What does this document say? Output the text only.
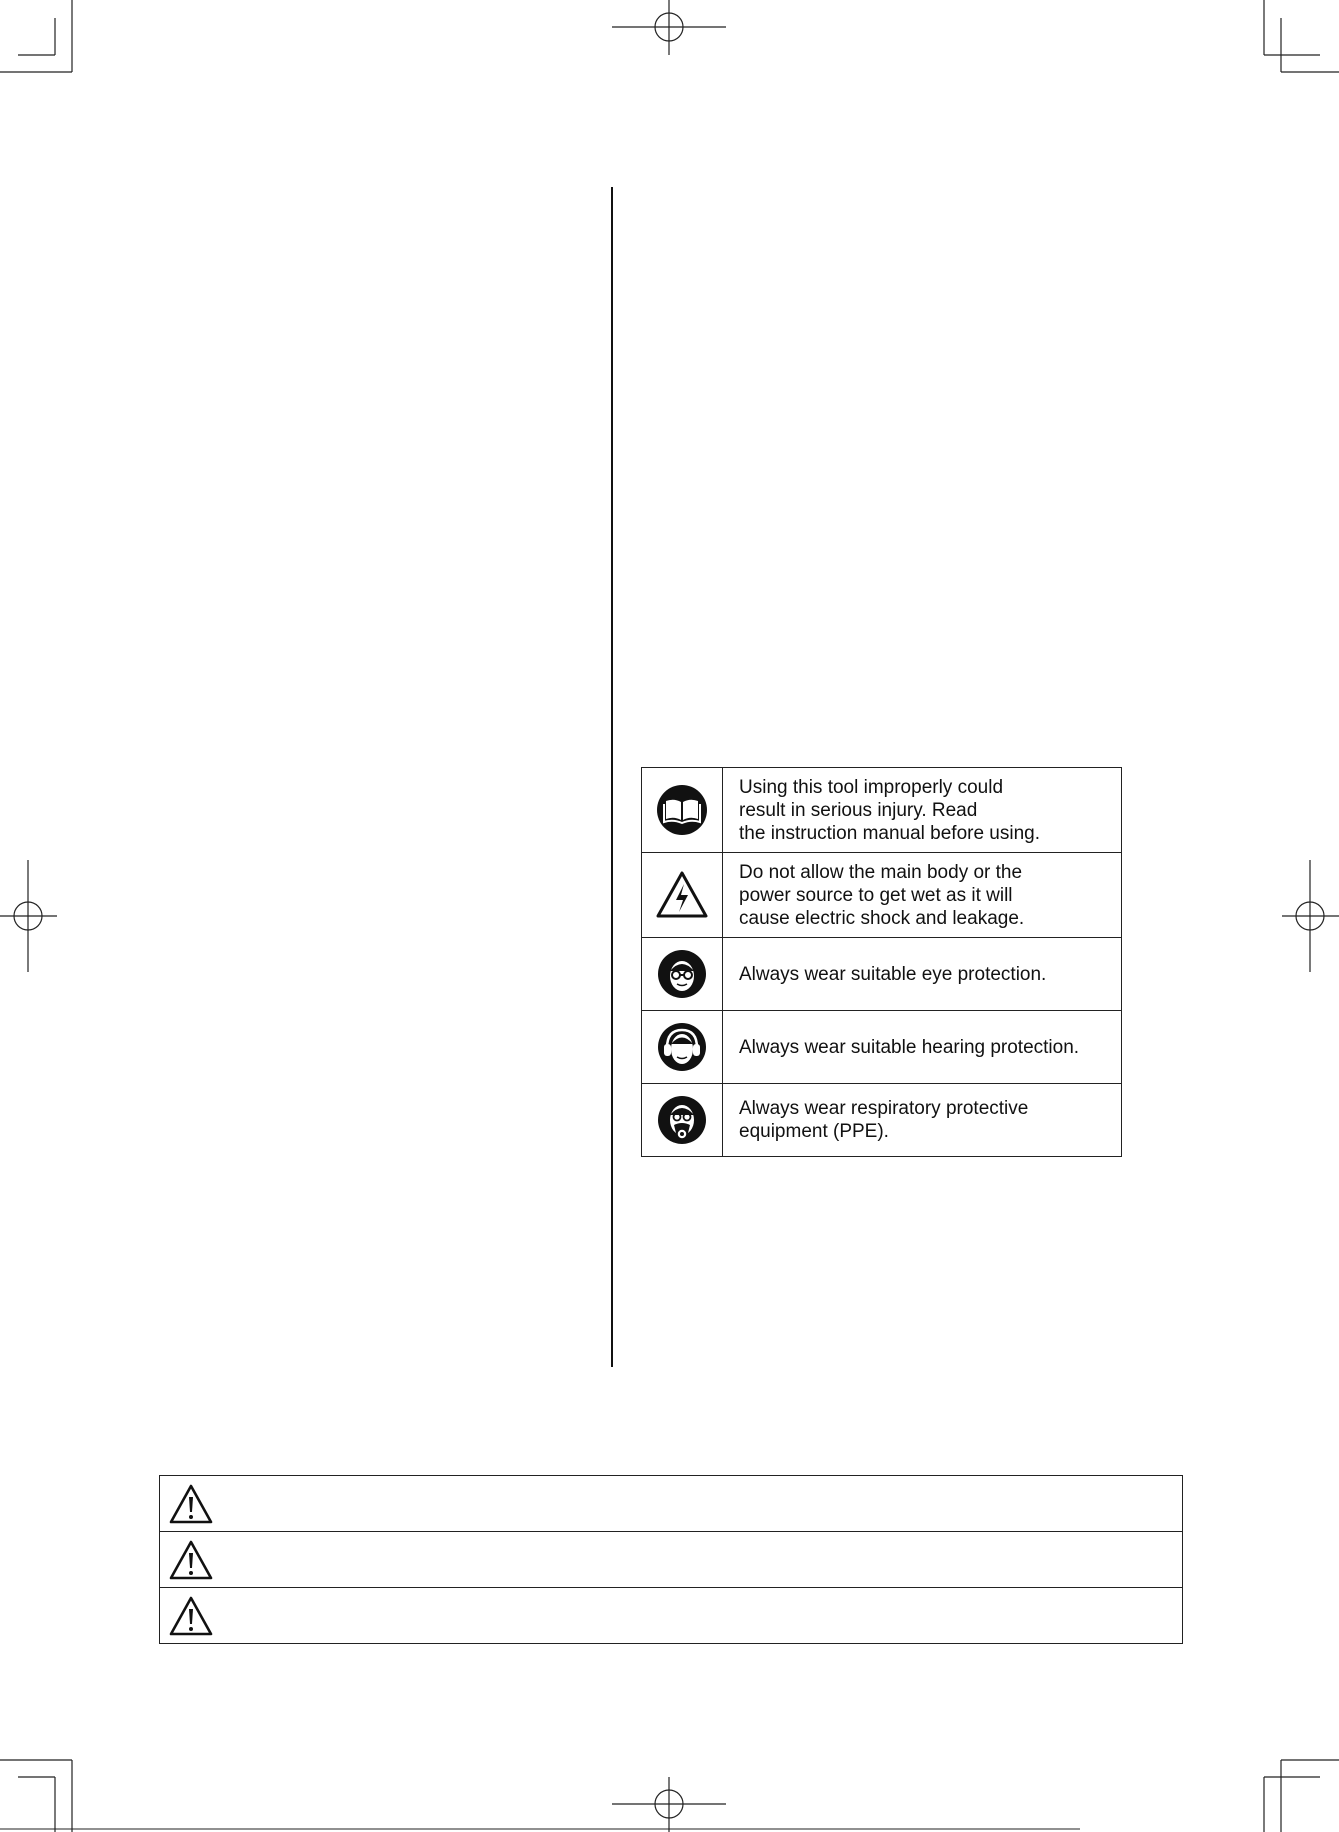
Using this tool improperly could
result in serious injury. Read
the instruction manual before using.

Do not allow the main body or the
power source to get wet as it will
cause electric shock and leakage.

Always wear suitable eye protection.

Always wear suitable hearing protection.

Always wear respiratory protective
equipment (PPE).
